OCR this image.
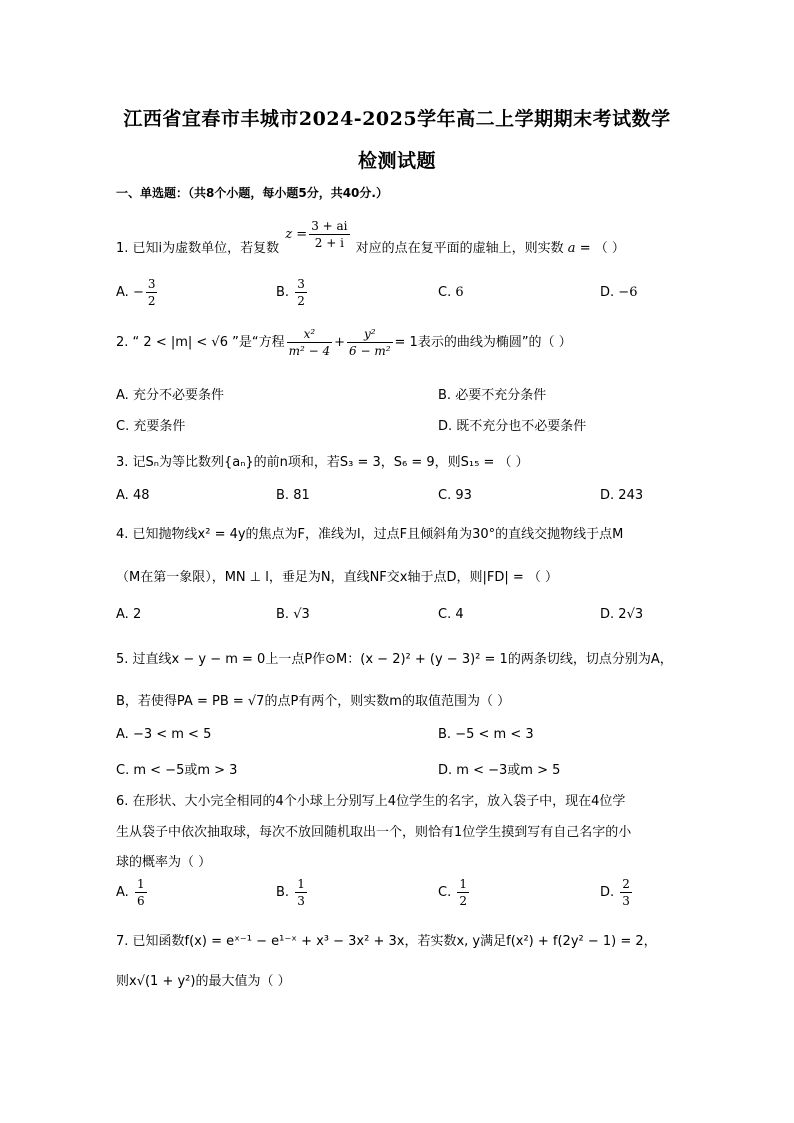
江西省宜春市丰城市2024-2025学年高二上学期期末考试数学
检测试题
一、单选题：（共8个小题，每小题5分，共40分.）
1. 已知i为虚数单位，若复数 $z = \frac{3 + ai}{2 + i}$ 对应的点在复平面的虚轴上，则实数 a = （ ）
A. − $\frac{3}{2}$	B. $\frac{3}{2}$	C. 6	D. −6
2. “ 2 < |m| < √6 ”是“方程 $\frac{\text{x²}}{\text{m² − 4}} + \frac{\text{y²}}{\text{6 − m²}} = 1$表示的曲线为椭圆”的（ ）
A. 充分不必要条件	B. 必要不充分条件
C. 充要条件	D. 既不充分也不必要条件
3. 记Sₙ为等比数列{aₙ}的前n项和，若S₃ = 3，S₆ = 9，则S₁₅ = （ ）
A. 48	B. 81	C. 93	D. 243
4. 已知抛物线x² = 4y的焦点为F，准线为l，过点F且倾斜角为30°的直线交抛物线于点M
（M在第一象限），MN ⊥ l，垂足为N，直线NF交x轴于点D，则|FD| = （ ）
A. 2	B. √3	C. 4	D. 2√3
5. 过直线x − y − m = 0上一点P作⊙M：(x − 2)² + (y − 3)² = 1的两条切线，切点分别为A，
B，若使得PA = PB = √7的点P有两个，则实数m的取值范围为（ ）
A. −3 < m < 5	B. −5 < m < 3
C. m < −5或m > 3	D. m < −3或m > 5
6. 在形状、大小完全相同的4个小球上分别写上4位学生的名字，放入袋子中，现在4位学
生从袋子中依次抽取球，每次不放回随机取出一个，则恰有1位学生摸到写有自己名字的小
球的概率为（ ）
A. $\frac{1}{6}$	B. $\frac{1}{3}$	C. $\frac{1}{2}$	D. $\frac{2}{3}$
7. 已知函数f(x) = eˣ⁻¹ − e¹⁻ˣ + x³ − 3x² + 3x，若实数x, y满足f(x²) + f(2y² − 1) = 2，
则x√(1 + y²)的最大值为（ ）
